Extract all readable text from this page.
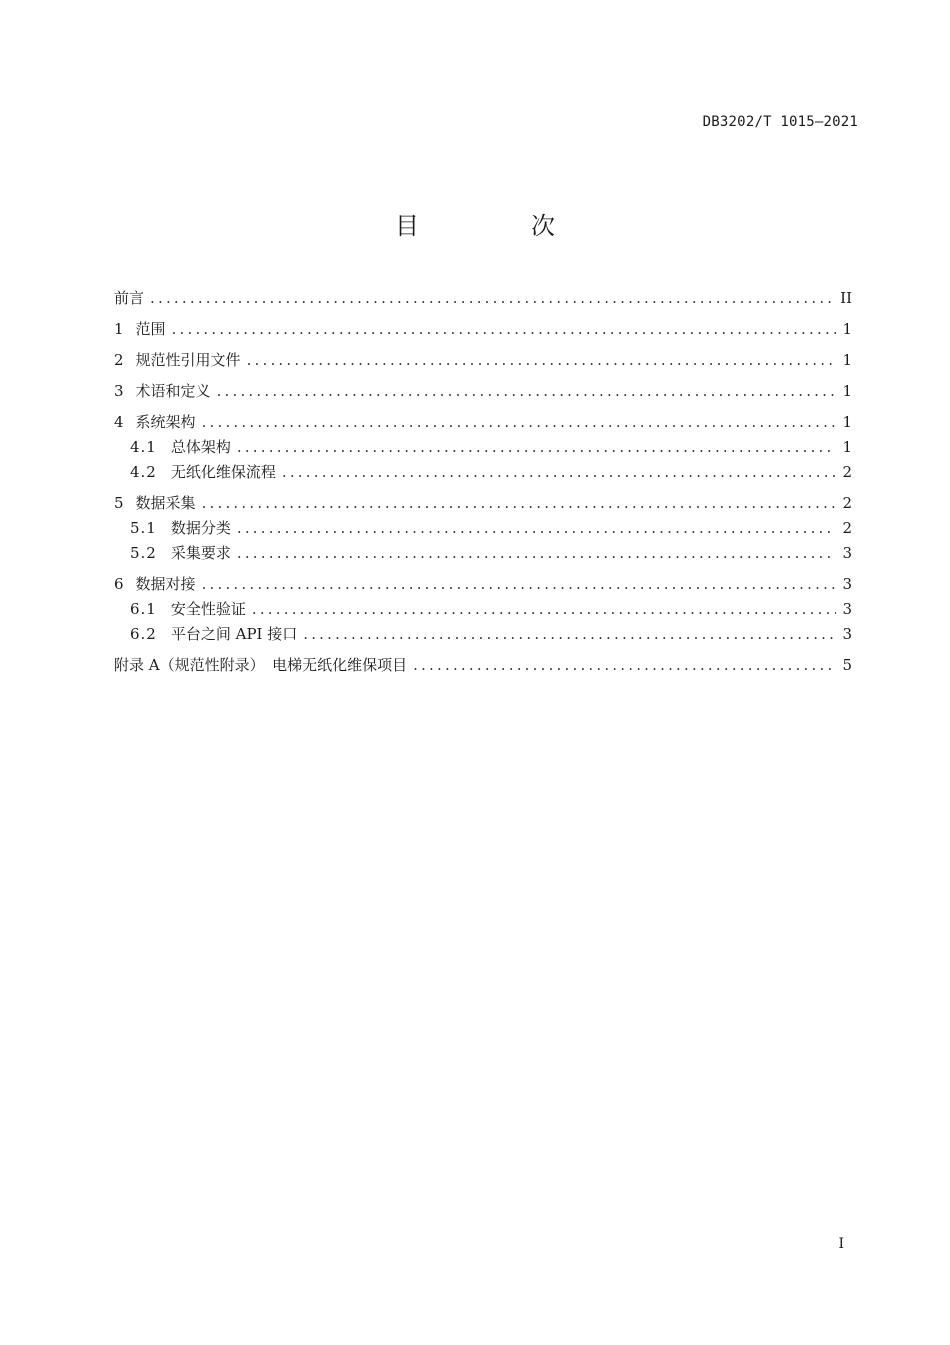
DB3202/T 1015—2021
目　次
前言 .....	II
1 范围 .....	1
2 规范性引用文件 .....	1
3 术语和定义 .....	1
4 系统架构 .....	1
4.1 总体架构 .....	1
4.2 无纸化维保流程 .....	2
5 数据采集 .....	2
5.1 数据分类 .....	2
5.2 采集要求 .....	3
6 数据对接 .....	3
6.1 安全性验证 .....	3
6.2 平台之间 API 接口 .....	3
附录 A（规范性附录）　电梯无纸化维保项目 .....	5
I
